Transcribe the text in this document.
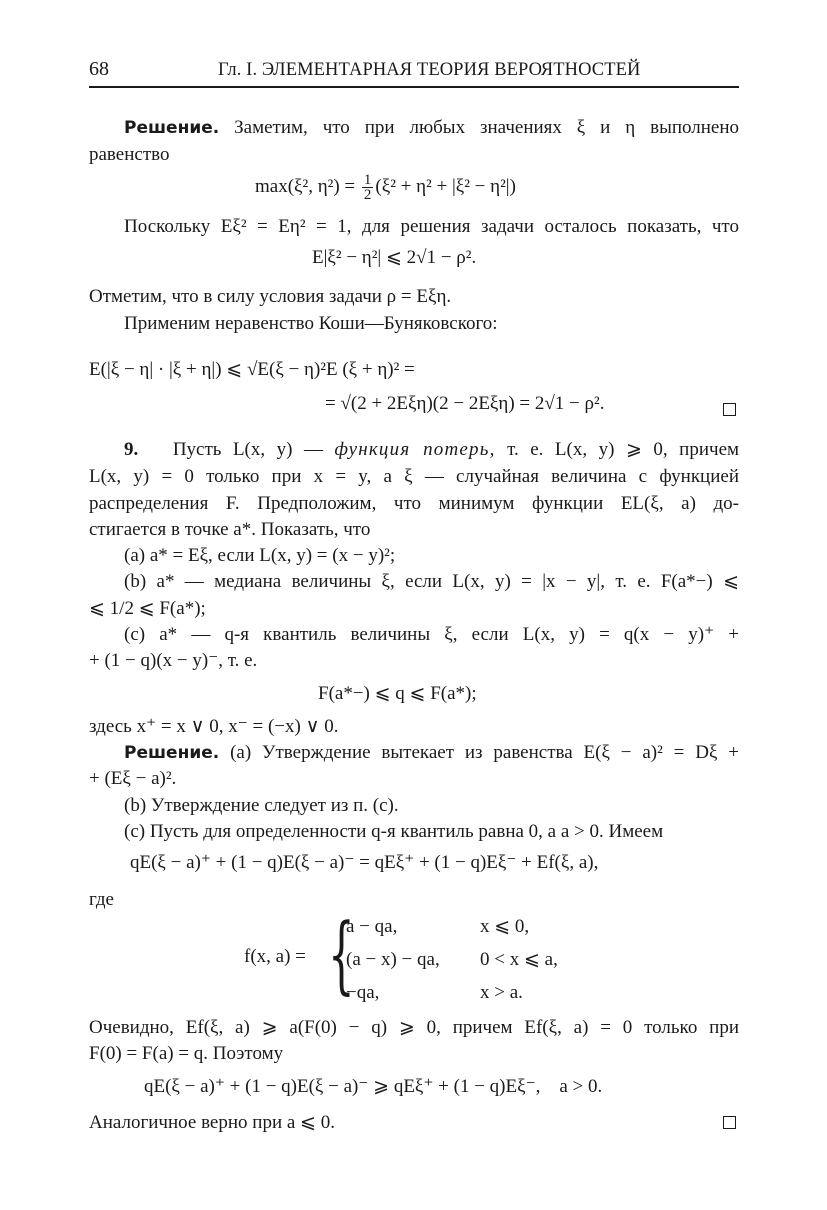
68	Гл. I. ЭЛЕМЕНТАРНАЯ ТЕОРИЯ ВЕРОЯТНОСТЕЙ
Решение. Заметим, что при любых значениях ξ и η выполнено
равенство
max(ξ², $\eta^2) = \frac{1}{2} (\xi^2 + \eta^2 + |\xi^2 - \eta^2|)$
Поскольку Eξ² = Eη² = 1, для решения задачи осталось показать, что
E|ξ² − η²| ⩽ 2√1 − ρ².
Отметим, что в силу условия задачи ρ = Eξη.
Применим неравенство Коши—Буняковского:
E(|ξ − η| · |ξ + η|) ⩽ √E(ξ − η)²E (ξ + η)² =
= √(2 + 2Eξη)(2 − 2Eξη) = 2√1 − ρ².
9. Пусть L(x, y) — функция потерь, т. е. L(x, y) ⩾ 0, причем
L(x, y) = 0 только при x = y, а ξ — случайная величина с функцией
распределения F. Предположим, что минимум функции EL(ξ, a) до-
стигается в точке a*. Показать, что
(a) a* = Eξ, если L(x, y) = (x − y)²;
(b) a* — медиана величины ξ, если L(x, y) = |x − y|, т. е. F(a*−) ⩽
⩽ 1/2 ⩽ F(a*);
(c) a* — q-я квантиль величины ξ, если L(x, y) = q(x − y)⁺ +
+ (1 − q)(x − y)⁻, т. е.
F(a*−) ⩽ q ⩽ F(a*);
здесь x⁺ = x ∨ 0, x⁻ = (−x) ∨ 0.
Решение. (a) Утверждение вытекает из равенства E(ξ − a)² = Dξ +
+ (Eξ − a)².
(b) Утверждение следует из п. (c).
(c) Пусть для определенности q-я квантиль равна 0, а a > 0. Имеем
qE(ξ − a)⁺ + (1 − q)E(ξ − a)⁻ = qEξ⁺ + (1 − q)Eξ⁻ + Ef(ξ, a),
где
f(x, a) = {
a − qa,	x ⩽ 0,
(a − x) − qa,	0 < x ⩽ a,
−qa,	x > a.
Очевидно, Ef(ξ, a) ⩾ a(F(0) − q) ⩾ 0, причем Ef(ξ, a) = 0 только при
F(0) = F(a) = q. Поэтому
qE(ξ − a)⁺ + (1 − q)E(ξ − a)⁻ ⩾ qEξ⁺ + (1 − q)Eξ⁻,    a > 0.
Аналогичное верно при a ⩽ 0.
